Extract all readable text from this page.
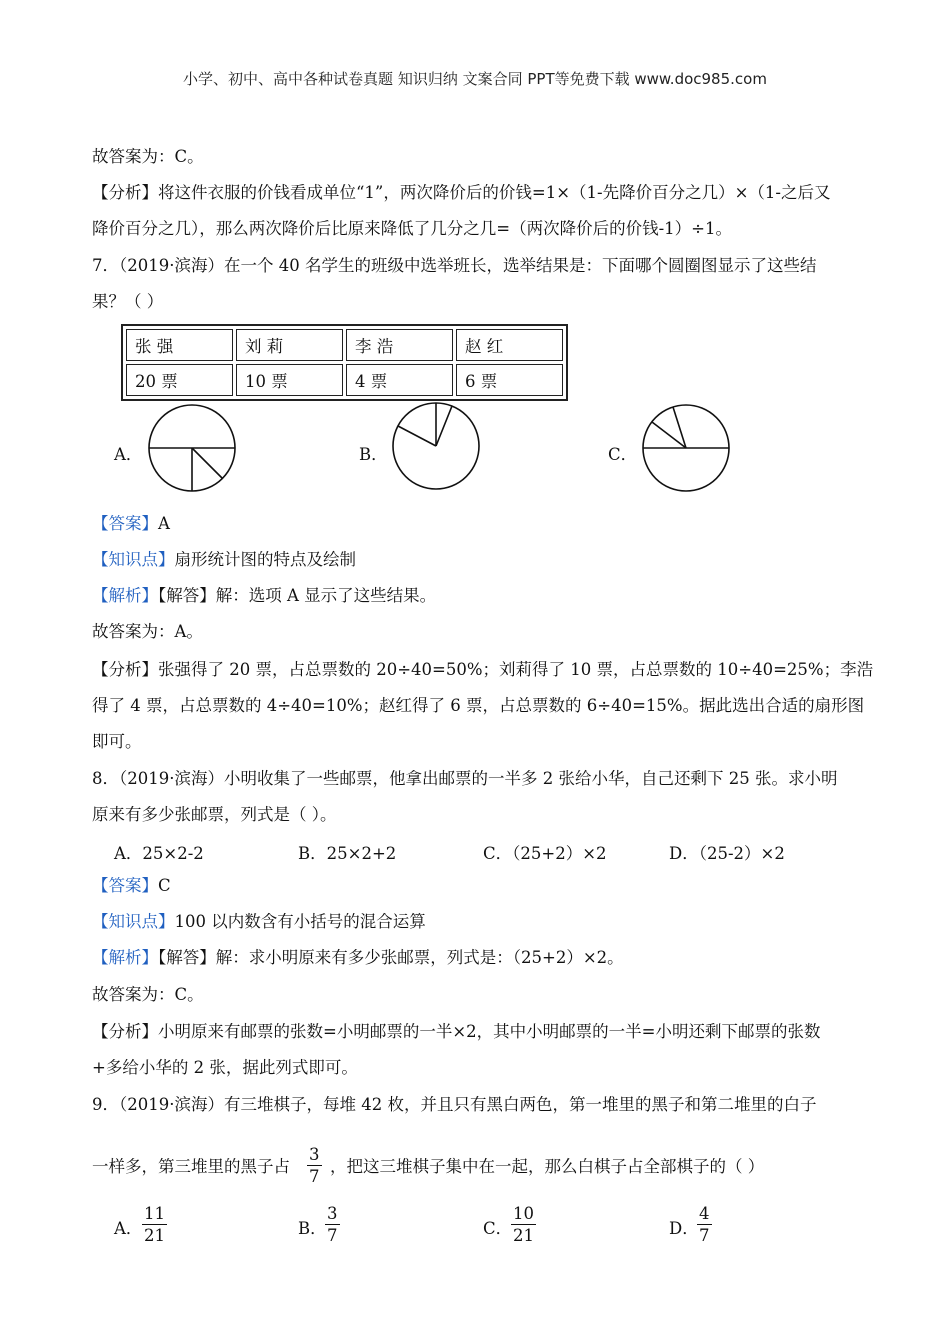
小学、初中、高中各种试卷真题 知识归纳 文案合同 PPT等免费下载 www.doc985.com
故答案为：C。
【分析】将这件衣服的价钱看成单位“1”，两次降价后的价钱=1×（1-先降价百分之几）×（1-之后又
降价百分之几），那么两次降价后比原来降低了几分之几=（两次降价后的价钱-1）÷1。
7．（2019·滨海）在一个 40 名学生的班级中选举班长，选举结果是：下面哪个圆圈图显示了这些结
果？（ ）
张 强	刘 莉	李 浩	赵 红
20 票	10 票	4 票	6 票
A．	B．	C．
【答案】A
【知识点】扇形统计图的特点及绘制
【解析】【解答】解：选项 A 显示了这些结果。
故答案为：A。
【分析】张强得了 20 票，占总票数的 20÷40=50%；刘莉得了 10 票，占总票数的 10÷40=25%；李浩
得了 4 票，占总票数的 4÷40=10%；赵红得了 6 票，占总票数的 6÷40=15%。据此选出合适的扇形图
即可。
8．（2019·滨海）小明收集了一些邮票，他拿出邮票的一半多 2 张给小华，自己还剩下 25 张。求小明
原来有多少张邮票，列式是（ ）。
A．25×2-2	B．25×2+2	C．（25+2）×2	D．（25-2）×2
【答案】C
【知识点】100 以内数含有小括号的混合运算
【解析】【解答】解：求小明原来有多少张邮票，列式是：（25+2）×2。
故答案为：C。
【分析】小明原来有邮票的张数=小明邮票的一半×2，其中小明邮票的一半=小明还剩下邮票的张数
+多给小华的 2 张，据此列式即可。
9．（2019·滨海）有三堆棋子，每堆 42 枚，并且只有黑白两色，第一堆里的黑子和第二堆里的白子
一样多，第三堆里的黑子占 $\frac{3}{7}$ ，把这三堆棋子集中在一起，那么白棋子占全部棋子的（ ）
A． $\frac{11}{21}$	B．
$\frac{3}{7}$	C．
$\frac{10}{21}$	D．
$\frac{4}{7}$
